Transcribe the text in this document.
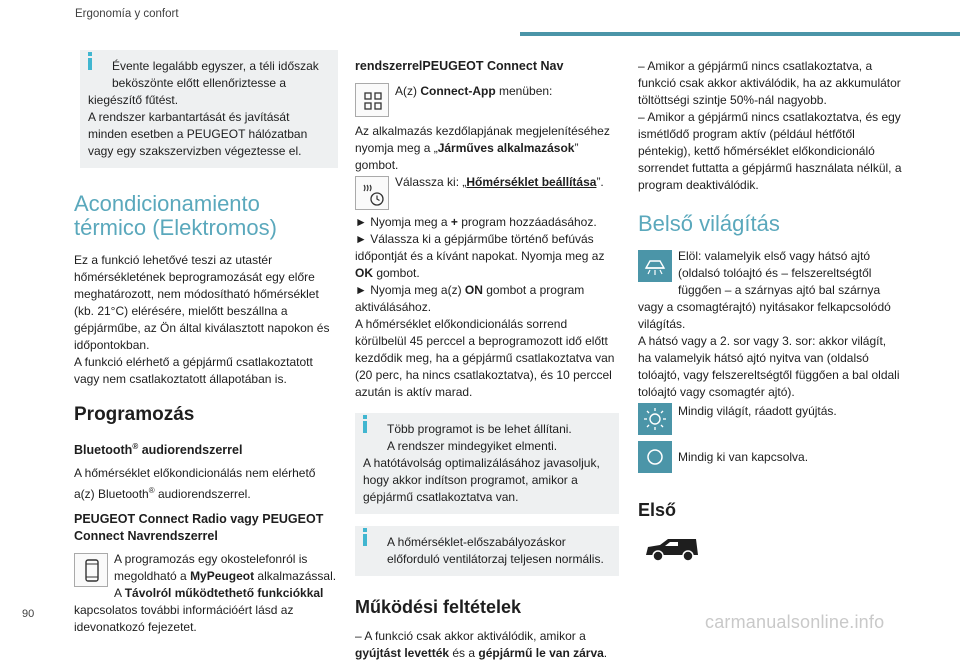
Ergonomía y confort
Évente legalább egyszer, a téli időszak
beköszönte előtt ellenőriztesse a
kiegészítő fűtést.
A rendszer karbantartását és javítását minden esetben a PEUGEOT hálózatban vagy egy szakszervizben végeztesse el.
Acondicionamiento térmico (Elektromos)

Ez a funkció lehetővé teszi az utastér hőmérsékletének beprogramozását egy előre meghatározott, nem módosítható hőmérséklet (kb. 21°C) elérésére, mielőtt beszállna a gépjárműbe, az Ön által kiválasztott napokon és időpontokban.

A funkció elérhető a gépjármű csatlakoztatott vagy nem csatlakoztatott állapotában is.

Programozás
Bluetooth® audiorendszerrel

A hőmérséklet előkondicionálás nem elérhető a(z) Bluetooth® audiorendszerrel.

PEUGEOT Connect Radio vagy PEUGEOT Connect Navrendszerrel

A programozás egy okostelefonról is megoldható a MyPeugeot alkalmazással.

A Távolról működtethető funkciókkal kapcsolatos további információért lásd az idevonatkozó fejezetet.

rendszerrelPEUGEOT Connect Nav

A(z) Connect-App menüben:

Az alkalmazás kezdőlapjának megjelenítéséhez nyomja meg a „Járműves alkalmazások” gombot.

Válassza ki: „Hőmérséklet beállítása”.

► Nyomja meg a + program hozzáadásához.

► Válassza ki a gépjárműbe történő befúvás időpontját és a kívánt napokat. Nyomja meg az OK gombot.

► Nyomja meg a(z) ON gombot a program aktiválásához.

A hőmérséklet előkondicionálás sorrend körülbelül 45 perccel a beprogramozott idő előtt kezdődik meg, ha a gépjármű csatlakoztatva van (20 perc, ha nincs csatlakoztatva), és 10 perccel azután is aktív marad.

Több programot is be lehet állítani.
A rendszer mindegyiket elmenti.
A hatótávolság optimalizálásához javasoljuk, hogy akkor indítson programot, amikor a gépjármű csatlakoztatva van.
A hőmérséklet-előszabályozáskor
előforduló ventilátorzaj teljesen normális.
Működési feltételek

– A funkció csak akkor aktiválódik, amikor a gyújtást levették és a gépjármű le van zárva.

– Amikor a gépjármű nincs csatlakoztatva, a funkció csak akkor aktiválódik, ha az akkumulátor töltöttségi szintje 50%-nál nagyobb.

– Amikor a gépjármű nincs csatlakoztatva, és egy ismétlődő program aktív (például hétfőtől péntekig), kettő hőmérséklet előkondicionáló sorrendet futtatta a gépjármű használata nélkül, a program deaktiválódik.

Belső világítás

Elöl: valamelyik első vagy hátsó ajtó (oldalsó tolóajtó és – felszereltségtől függően – a szárnyas ajtó bal szárnya vagy a csomagtérajtó) nyitásakor felkapcsolódó világítás.

A hátsó vagy a 2. sor vagy 3. sor: akkor világít, ha valamelyik hátsó ajtó nyitva van (oldalsó tolóajtó, vagy felszereltségtől függően a bal oldali tolóajtó vagy csomagtér ajtó).

Mindig világít, ráadott gyújtás.

Mindig ki van kapcsolva.

Első
90	carmanualsonline.info
